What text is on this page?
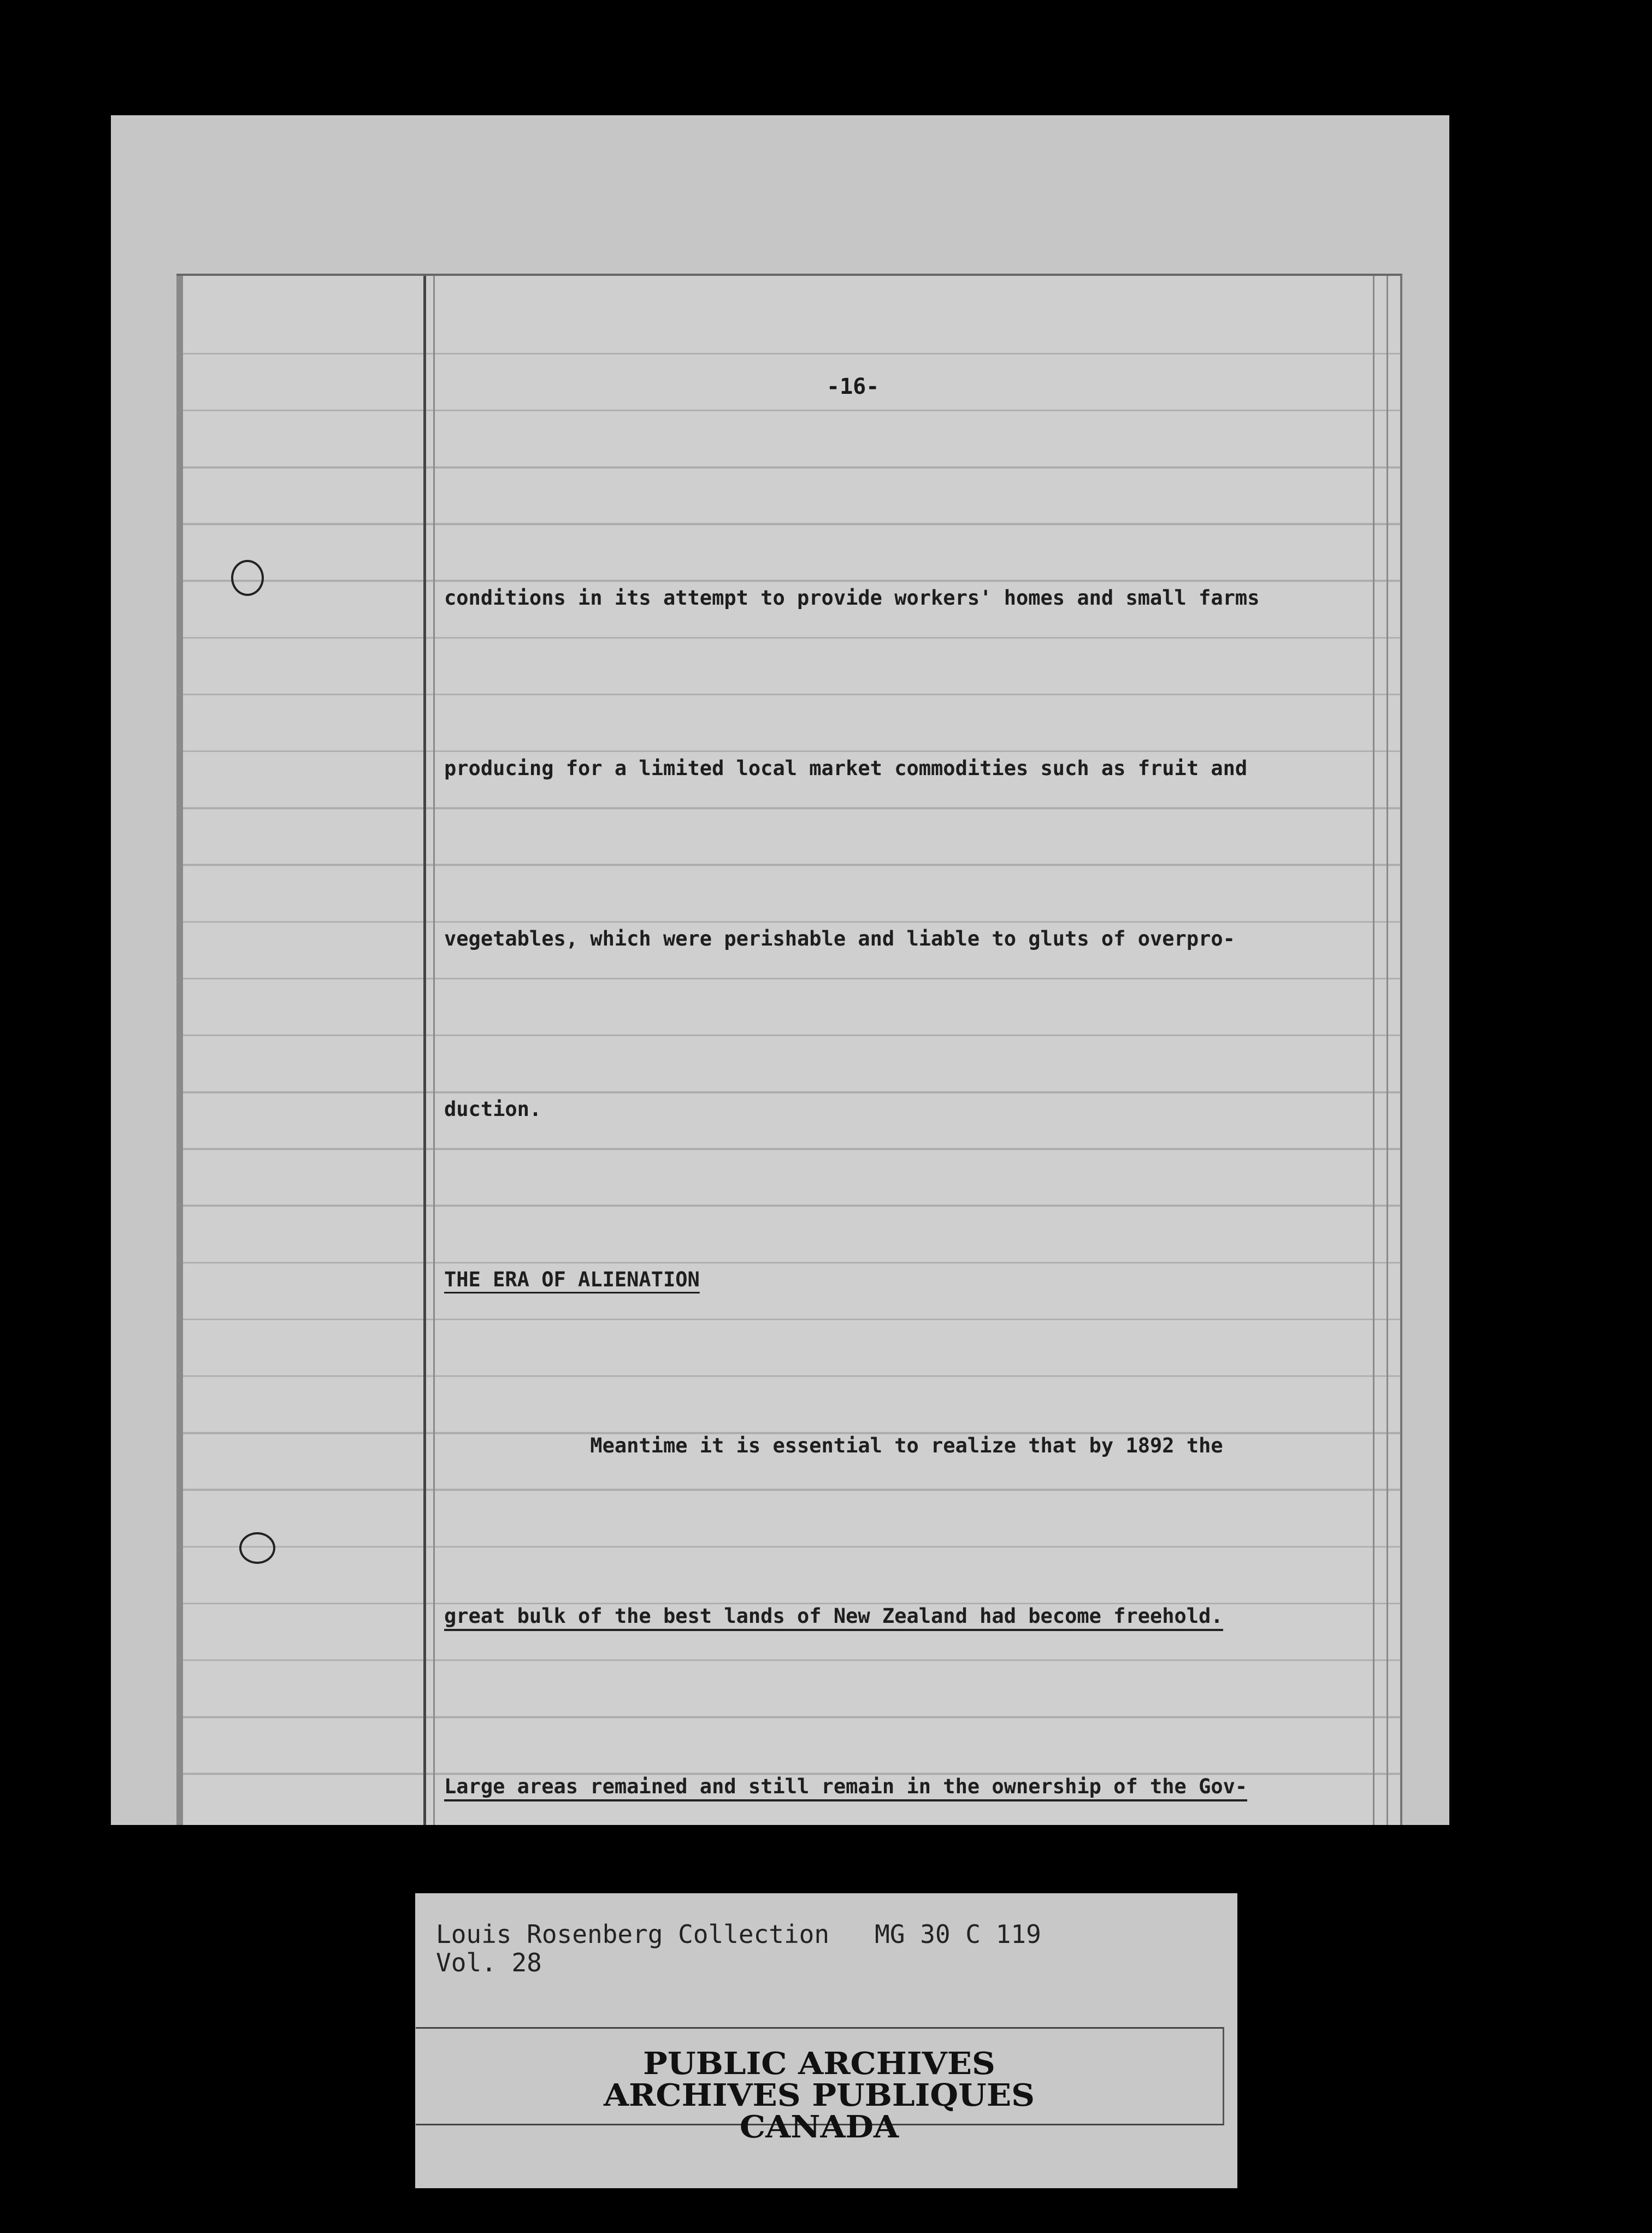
-16-

conditions in its attempt to provide workers' homes and small farms

producing for a limited local market commodities such as fruit and

vegetables, which were perishable and liable to gluts of overpro-

duction.

THE ERA OF ALIENATION

Meantime it is essential to realize that by 1892 the

great bulk of the best lands of New Zealand had become freehold.

Large areas remained and still remain in the ownership of the Gov-

Louis Rosenberg Collection   MG 30 C 119
Vol. 28
PUBLIC ARCHIVES
ARCHIVES PUBLIQUES
CANADA
